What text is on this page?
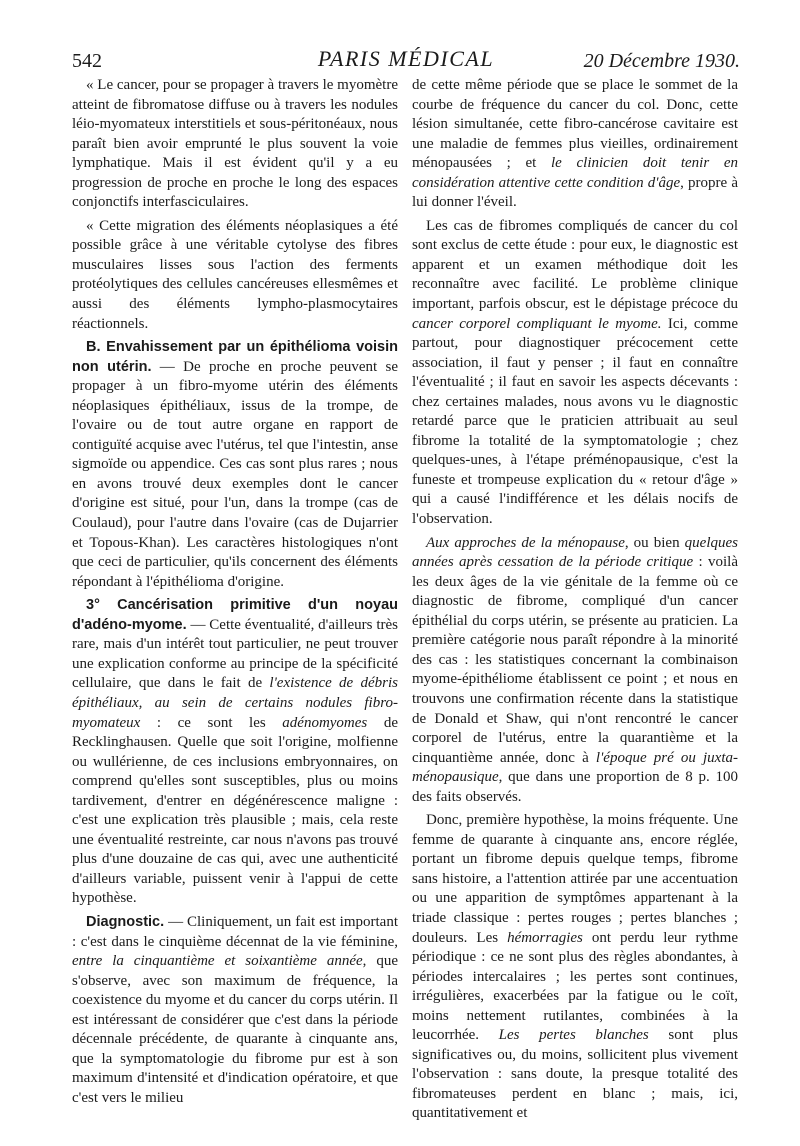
542	PARIS MÉDICAL	20 Décembre 1930.

« Le cancer, pour se propager à travers le myomètre atteint de fibromatose diffuse ou à travers les nodules léio-myomateux interstitiels et sous-péritonéaux, nous paraît bien avoir emprunté le plus souvent la voie lymphatique. Mais il est évident qu'il y a eu progression de proche en proche le long des espaces conjonctifs interfasciculaires.

« Cette migration des éléments néoplasiques a été possible grâce à une véritable cytolyse des fibres musculaires lisses sous l'action des ferments protéolytiques des cellules cancéreuses ellesmêmes et aussi des éléments lympho-plasmocytaires réactionnels.

B. Envahissement par un épithélioma voisin non utérin. — De proche en proche peuvent se propager à un fibro-myome utérin des éléments néoplasiques épithéliaux, issus de la trompe, de l'ovaire ou de tout autre organe en rapport de contiguïté acquise avec l'utérus, tel que l'intestin, anse sigmoïde ou appendice. Ces cas sont plus rares ; nous en avons trouvé deux exemples dont le cancer d'origine est situé, pour l'un, dans la trompe (cas de Coulaud), pour l'autre dans l'ovaire (cas de Dujarrier et Topous-Khan). Les caractères histologiques n'ont que ceci de particulier, qu'ils concernent des éléments répondant à l'épithélioma d'origine.

3° Cancérisation primitive d'un noyau d'adéno-myome. — Cette éventualité, d'ailleurs très rare, mais d'un intérêt tout particulier, ne peut trouver une explication conforme au principe de la spécificité cellulaire, que dans le fait de l'existence de débris épithéliaux, au sein de certains nodules fibro-myomateux : ce sont les adénomyomes de Recklinghausen. Quelle que soit l'origine, molfienne ou wullérienne, de ces inclusions embryonnaires, on comprend qu'elles sont susceptibles, plus ou moins tardivement, d'entrer en dégénérescence maligne : c'est une explication très plausible ; mais, cela reste une éventualité restreinte, car nous n'avons pas trouvé plus d'une douzaine de cas qui, avec une authenticité d'ailleurs variable, puissent venir à l'appui de cette hypothèse.

Diagnostic. — Cliniquement, un fait est important : c'est dans le cinquième décennat de la vie féminine, entre la cinquantième et soixantième année, que s'observe, avec son maximum de fréquence, la coexistence du myome et du cancer du corps utérin. Il est intéressant de considérer que c'est dans la période décennale précédente, de quarante à cinquante ans, que la symptomatologie du fibrome pur est à son maximum d'intensité et d'indication opératoire, et que c'est vers le milieu

de cette même période que se place le sommet de la courbe de fréquence du cancer du col. Donc, cette lésion simultanée, cette fibro-cancérose cavitaire est une maladie de femmes plus vieilles, ordinairement ménopausées ; et le clinicien doit tenir en considération attentive cette condition d'âge, propre à lui donner l'éveil.

Les cas de fibromes compliqués de cancer du col sont exclus de cette étude : pour eux, le diagnostic est apparent et un examen méthodique doit les reconnaître avec facilité. Le problème clinique important, parfois obscur, est le dépistage précoce du cancer corporel compliquant le myome. Ici, comme partout, pour diagnostiquer précocement cette association, il faut y penser ; il faut en connaître l'éventualité ; il faut en savoir les aspects décevants : chez certaines malades, nous avons vu le diagnostic retardé parce que le praticien attribuait au seul fibrome la totalité de la symptomatologie ; chez quelques-unes, à l'étape préménopausique, c'est la funeste et trompeuse explication du « retour d'âge » qui a causé l'indifférence et les délais nocifs de l'observation.

Aux approches de la ménopause, ou bien quelques années après cessation de la période critique : voilà les deux âges de la vie génitale de la femme où ce diagnostic de fibrome, compliqué d'un cancer épithélial du corps utérin, se présente au praticien. La première catégorie nous paraît répondre à la minorité des cas : les statistiques concernant la combinaison myome-épithéliome établissent ce point ; et nous en trouvons une confirmation récente dans la statistique de Donald et Shaw, qui n'ont rencontré le cancer corporel de l'utérus, entre la quarantième et la cinquantième année, donc à l'époque pré ou juxta-ménopausique, que dans une proportion de 8 p. 100 des faits observés.

Donc, première hypothèse, la moins fréquente. Une femme de quarante à cinquante ans, encore réglée, portant un fibrome depuis quelque temps, fibrome sans histoire, a l'attention attirée par une accentuation ou une apparition de symptômes appartenant à la triade classique : pertes rouges ; pertes blanches ; douleurs. Les hémorragies ont perdu leur rythme périodique : ce ne sont plus des règles abondantes, à périodes intercalaires ; les pertes sont continues, irrégulières, exacerbées par la fatigue ou le coït, moins nettement rutilantes, combinées à la leucorrhée. Les pertes blanches sont plus significatives ou, du moins, sollicitent plus vivement l'observation : sans doute, la presque totalité des fibromateuses perdent en blanc ; mais, ici, quantitativement et
